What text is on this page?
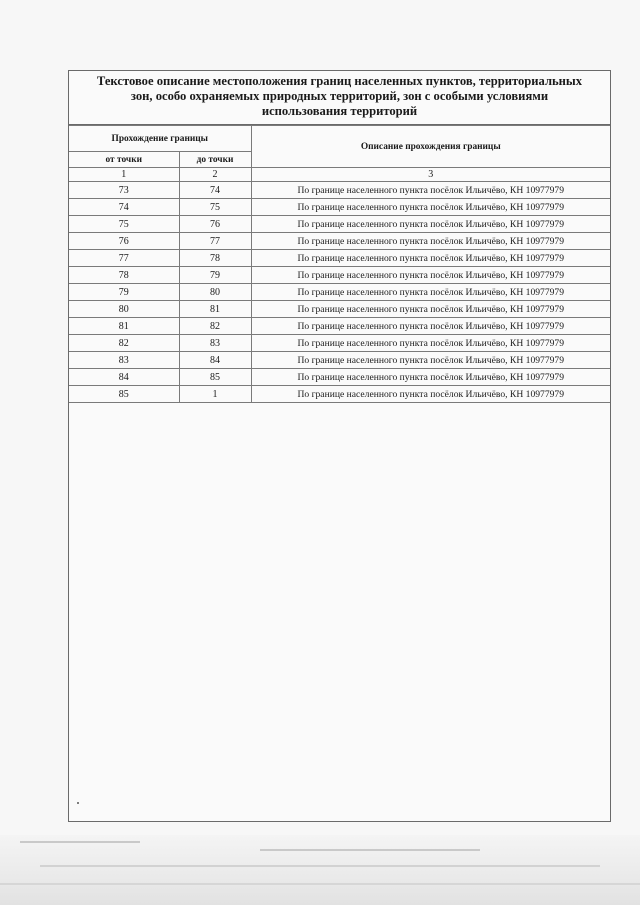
Текстовое описание местоположения границ населенных пунктов, территориальных
зон, особо охраняемых природных территорий, зон с особыми условиями
использования территорий
Прохождение границы		Описание прохождения границы
от точки	до точки	
1	2	3
73	74	По границе населенного пункта посёлок Ильичёво, КН 10977979
74	75	По границе населенного пункта посёлок Ильичёво, КН 10977979
75	76	По границе населенного пункта посёлок Ильичёво, КН 10977979
76	77	По границе населенного пункта посёлок Ильичёво, КН 10977979
77	78	По границе населенного пункта посёлок Ильичёво, КН 10977979
78	79	По границе населенного пункта посёлок Ильичёво, КН 10977979
79	80	По границе населенного пункта посёлок Ильичёво, КН 10977979
80	81	По границе населенного пункта посёлок Ильичёво, КН 10977979
81	82	По границе населенного пункта посёлок Ильичёво, КН 10977979
82	83	По границе населенного пункта посёлок Ильичёво, КН 10977979
83	84	По границе населенного пункта посёлок Ильичёво, КН 10977979
84	85	По границе населенного пункта посёлок Ильичёво, КН 10977979
85	1	По границе населенного пункта посёлок Ильичёво, КН 10977979
